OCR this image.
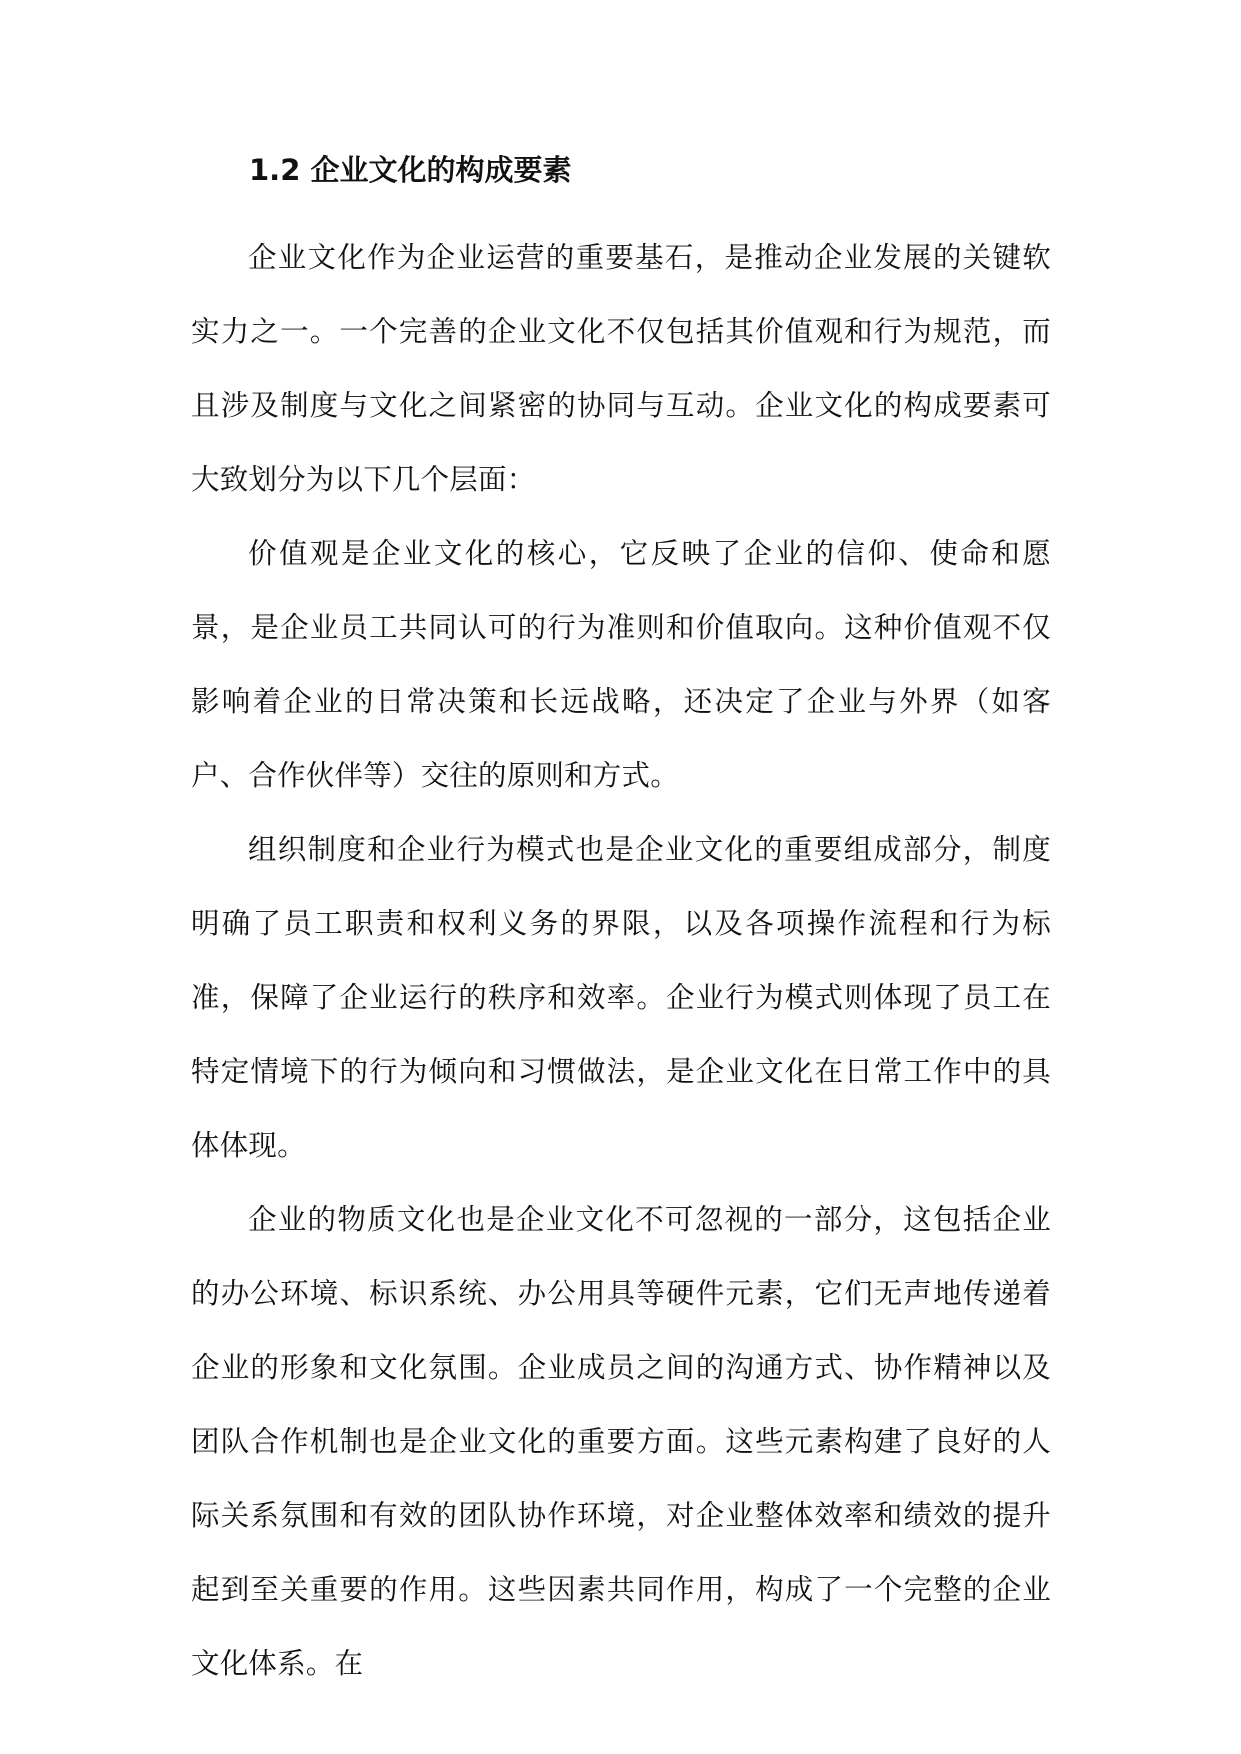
1.2 企业文化的构成要素

企业文化作为企业运营的重要基石，是推动企业发展的关键软实力之一。一个完善的企业文化不仅包括其价值观和行为规范，而且涉及制度与文化之间紧密的协同与互动。企业文化的构成要素可大致划分为以下几个层面：

价值观是企业文化的核心，它反映了企业的信仰、使命和愿景，是企业员工共同认可的行为准则和价值取向。这种价值观不仅影响着企业的日常决策和长远战略，还决定了企业与外界（如客户、合作伙伴等）交往的原则和方式。

组织制度和企业行为模式也是企业文化的重要组成部分，制度明确了员工职责和权利义务的界限，以及各项操作流程和行为标准，保障了企业运行的秩序和效率。企业行为模式则体现了员工在特定情境下的行为倾向和习惯做法，是企业文化在日常工作中的具体体现。

企业的物质文化也是企业文化不可忽视的一部分，这包括企业的办公环境、标识系统、办公用具等硬件元素，它们无声地传递着企业的形象和文化氛围。企业成员之间的沟通方式、协作精神以及团队合作机制也是企业文化的重要方面。这些元素构建了良好的人际关系氛围和有效的团队协作环境，对企业整体效率和绩效的提升起到至关重要的作用。这些因素共同作用，构成了一个完整的企业文化体系。在
